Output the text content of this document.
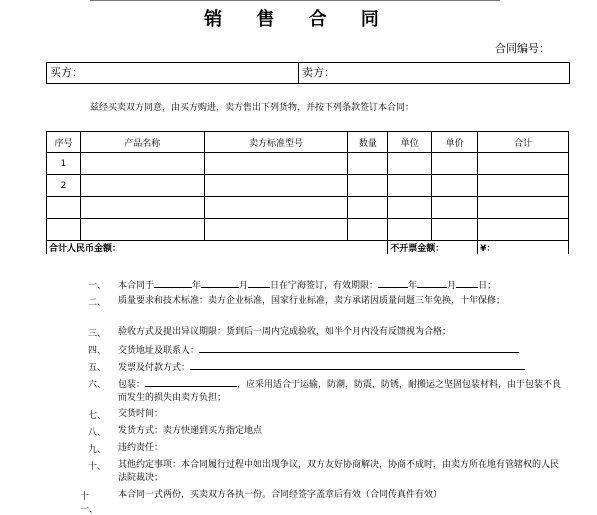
销 售 合 同
合同编号：
买方：	卖方：
兹经买卖双方同意，由买方购进，卖方售出下列货物，并按下列条款签订本合同：
序号	产品名称	卖方标准型号	数量	单位	单价	合计
1						
2						

合计人民币金额：				不开票金额：		¥：
一、	本合同于	年	月 日在宁海签订，有效期限：	年	月 日；
二、	质量要求和技术标准：卖方企业标准，国家行业标准，卖方承诺因质量问题三年免换，十年保修；
三、	验收方式及提出异议期限：货到后一周内完成验收，如半个月内没有反馈视为合格；
四、	交货地址及联系人：
五、	发票及付款方式：
六、	包装：	，应采用适合于运输，防潮，防震，防锈，耐搬运之坚固包装材料，由于包装不良而发生的损失由卖方负担；
七、	交货时间：
八、	发货方式：卖方快递到买方指定地点
九、	违约责任：
十、	其他约定事项：本合同履行过程中如出现争议，双方友好协商解决，协商不成时，由卖方所在地有管辖权的人民法院裁决；
十一、
本合同一式两份，买卖双方各执一份。合同经签字盖章后有效（合同传真件有效）
